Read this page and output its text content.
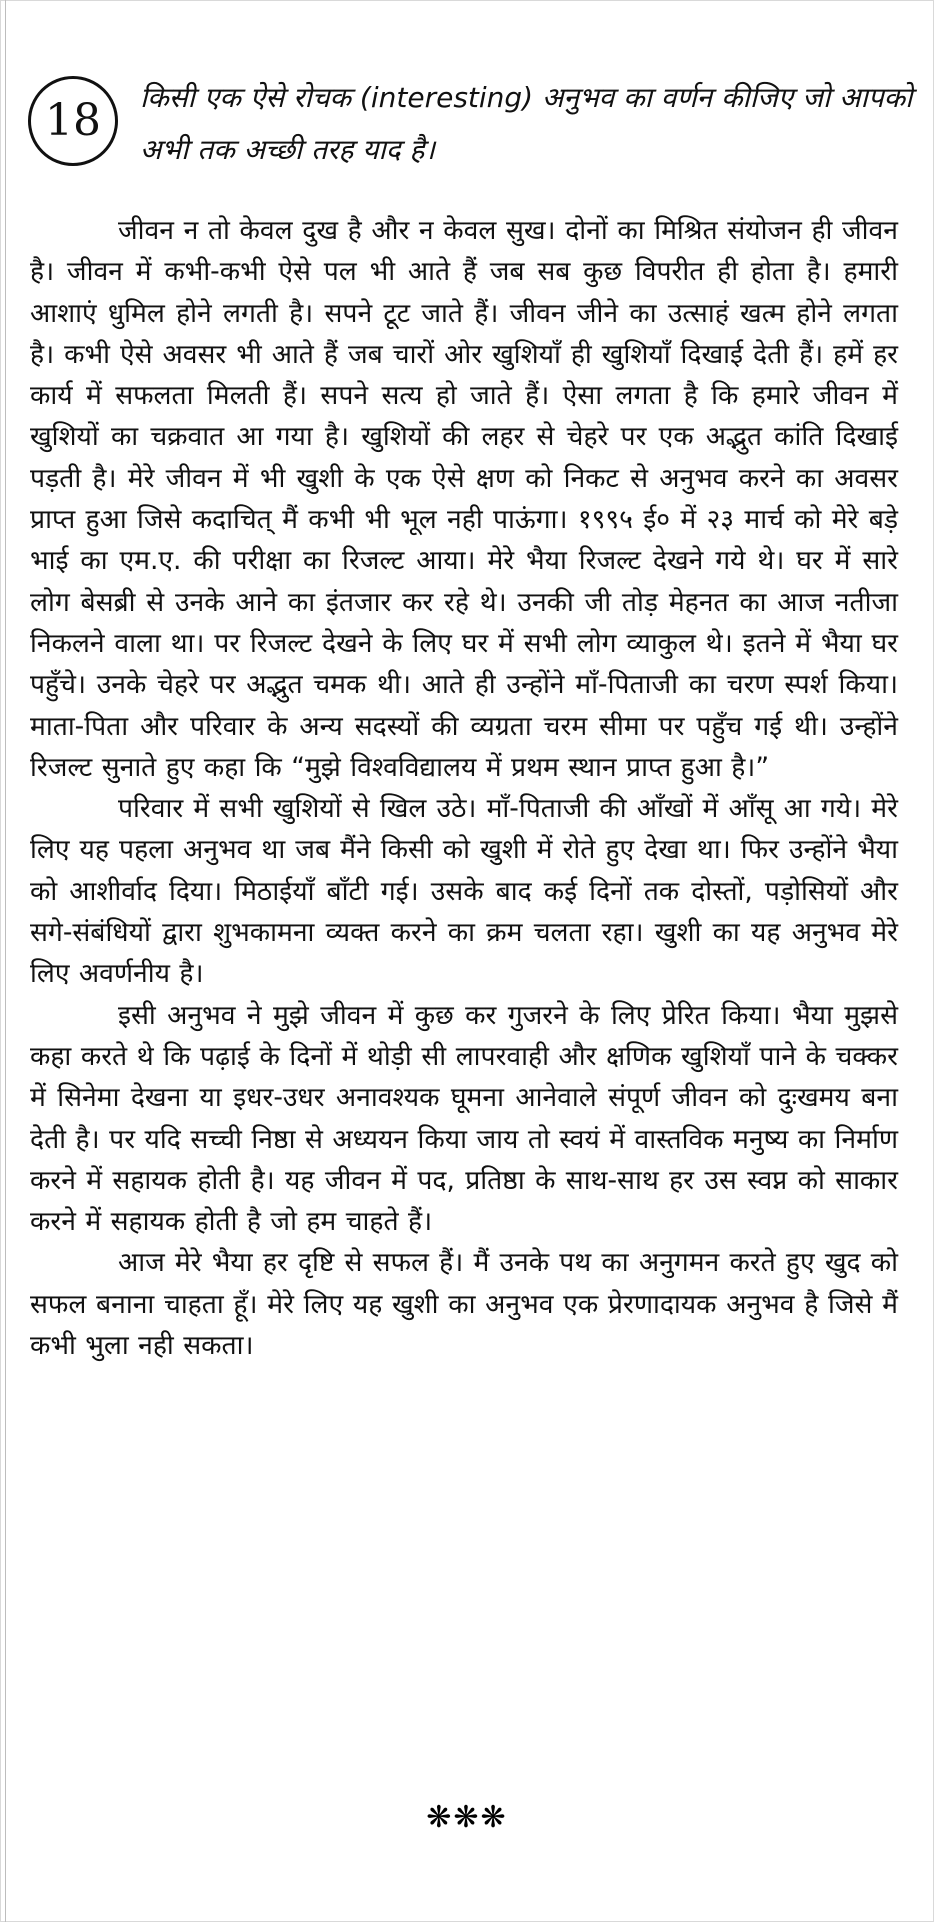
18 किसी एक ऐसे रोचक (interesting) अनुभव का वर्णन कीजिए जो आपको अभी तक अच्छी तरह याद है।

जीवन न तो केवल दुख है और न केवल सुख। दोनों का मिश्रित संयोजन ही जीवन है। जीवन में कभी-कभी ऐसे पल भी आते हैं जब सब कुछ विपरीत ही होता है। हमारी आशाएं धुमिल होने लगती है। सपने टूट जाते हैं। जीवन जीने का उत्साहं खत्म होने लगता है। कभी ऐसे अवसर भी आते हैं जब चारों ओर खुशियाँ ही खुशियाँ दिखाई देती हैं। हमें हर कार्य में सफलता मिलती हैं। सपने सत्य हो जाते हैं। ऐसा लगता है कि हमारे जीवन में खुशियों का चक्रवात आ गया है। खुशियों की लहर से चेहरे पर एक अद्भुत कांति दिखाई पड़ती है। मेरे जीवन में भी खुशी के एक ऐसे क्षण को निकट से अनुभव करने का अवसर प्राप्त हुआ जिसे कदाचित् मैं कभी भी भूल नही पाऊंगा। १९९५ ई० में २३ मार्च को मेरे बड़े भाई का एम.ए. की परीक्षा का रिजल्ट आया। मेरे भैया रिजल्ट देखने गये थे। घर में सारे लोग बेसब्री से उनके आने का इंतजार कर रहे थे। उनकी जी तोड़ मेहनत का आज नतीजा निकलने वाला था। पर रिजल्ट देखने के लिए घर में सभी लोग व्याकुल थे। इतने में भैया घर पहुँचे। उनके चेहरे पर अद्भुत चमक थी। आते ही उन्होंने माँ-पिताजी का चरण स्पर्श किया। माता-पिता और परिवार के अन्य सदस्यों की व्यग्रता चरम सीमा पर पहुँच गई थी। उन्होंने रिजल्ट सुनाते हुए कहा कि “मुझे विश्वविद्यालय में प्रथम स्थान प्राप्त हुआ है।”

परिवार में सभी खुशियों से खिल उठे। माँ-पिताजी की आँखों में आँसू आ गये। मेरे लिए यह पहला अनुभव था जब मैंने किसी को खुशी में रोते हुए देखा था। फिर उन्होंने भैया को आशीर्वाद दिया। मिठाईयाँ बाँटी गई। उसके बाद कई दिनों तक दोस्तों, पड़ोसियों और सगे-संबंधियों द्वारा शुभकामना व्यक्त करने का क्रम चलता रहा। खुशी का यह अनुभव मेरे लिए अवर्णनीय है।

इसी अनुभव ने मुझे जीवन में कुछ कर गुजरने के लिए प्रेरित किया। भैया मुझसे कहा करते थे कि पढ़ाई के दिनों में थोड़ी सी लापरवाही और क्षणिक खुशियाँ पाने के चक्कर में सिनेमा देखना या इधर-उधर अनावश्यक घूमना आनेवाले संपूर्ण जीवन को दुःखमय बना देती है। पर यदि सच्ची निष्ठा से अध्ययन किया जाय तो स्वयं में वास्तविक मनुष्य का निर्माण करने में सहायक होती है। यह जीवन में पद, प्रतिष्ठा के साथ-साथ हर उस स्वप्न को साकार करने में सहायक होती है जो हम चाहते हैं।

आज मेरे भैया हर दृष्टि से सफल हैं। मैं उनके पथ का अनुगमन करते हुए खुद को सफल बनाना चाहता हूँ। मेरे लिए यह खुशी का अनुभव एक प्रेरणादायक अनुभव है जिसे मैं कभी भुला नही सकता।

❋❋❋
